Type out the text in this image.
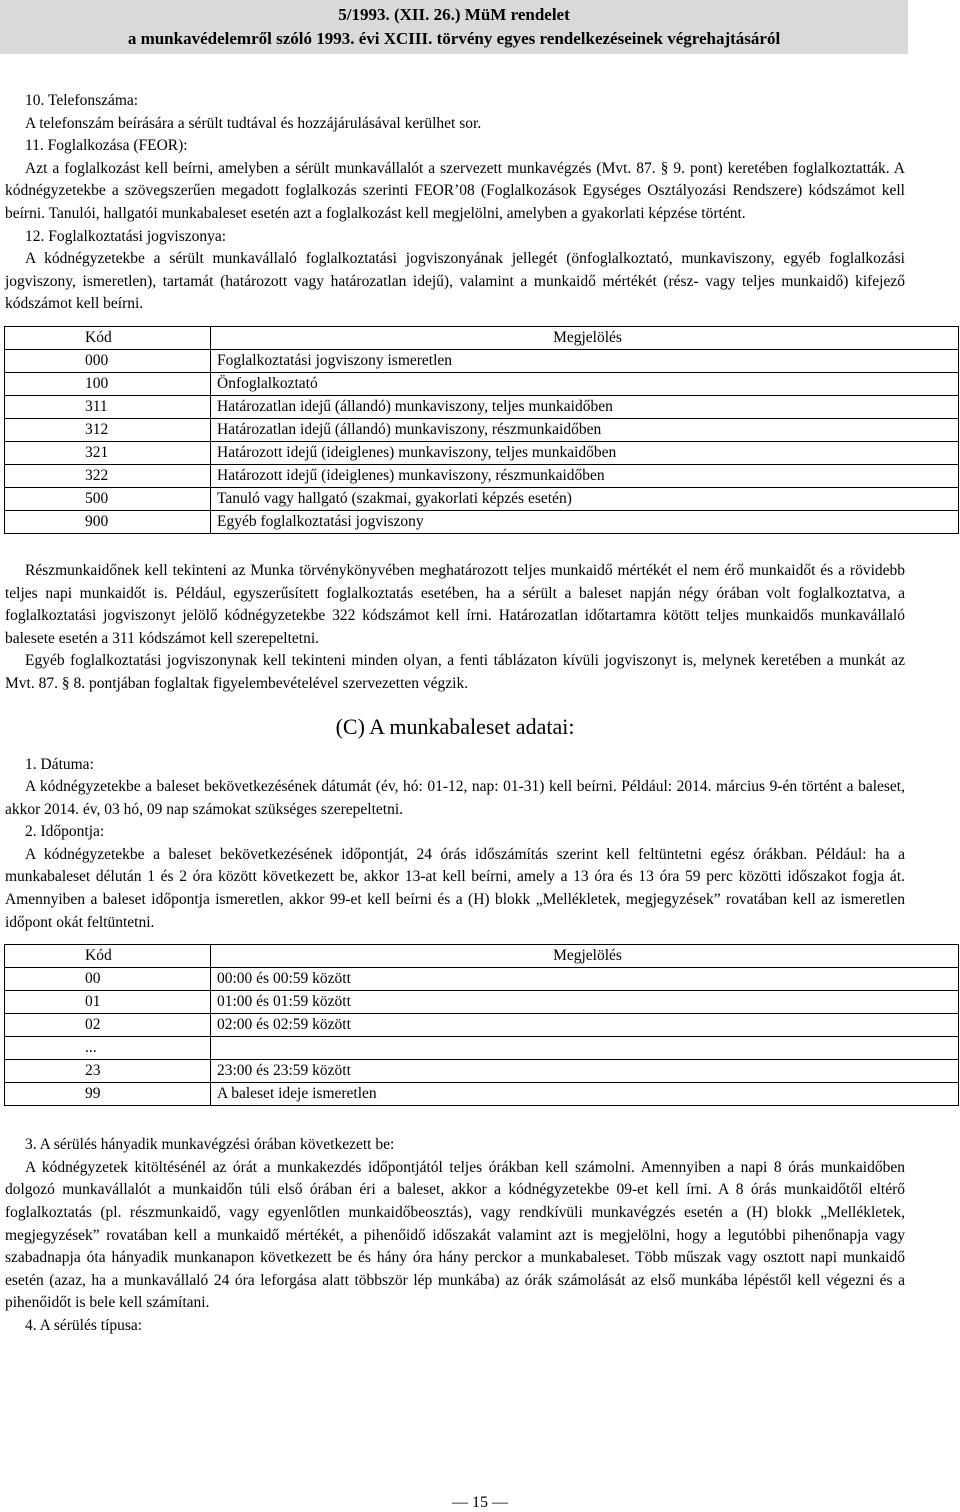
5/1993. (XII. 26.) MüM rendelet
a munkavédelemről szóló 1993. évi XCIII. törvény egyes rendelkezéseinek végrehajtásáról

10. Telefonszáma:

A telefonszám beírására a sérült tudtával és hozzájárulásával kerülhet sor.

11. Foglalkozása (FEOR):

Azt a foglalkozást kell beírni, amelyben a sérült munkavállalót a szervezett munkavégzés (Mvt. 87. § 9. pont) keretében foglalkoztatták. A kódnégyzetekbe a szövegszerűen megadott foglalkozás szerinti FEOR’08 (Foglalkozások Egységes Osztályozási Rendszere) kódszámot kell beírni. Tanulói, hallgatói munkabaleset esetén azt a foglalkozást kell megjelölni, amelyben a gyakorlati képzése történt.

12. Foglalkoztatási jogviszonya:

A kódnégyzetekbe a sérült munkavállaló foglalkoztatási jogviszonyának jellegét (önfoglalkoztató, munkaviszony, egyéb foglalkozási jogviszony, ismeretlen), tartamát (határozott vagy határozatlan idejű), valamint a munkaidő mértékét (rész- vagy teljes munkaidő) kifejező kódszámot kell beírni.

Kód	Megjelölés
000	Foglalkoztatási jogviszony ismeretlen
100	Önfoglalkoztató
311	Határozatlan idejű (állandó) munkaviszony, teljes munkaidőben
312	Határozatlan idejű (állandó) munkaviszony, részmunkaidőben
321	Határozott idejű (ideiglenes) munkaviszony, teljes munkaidőben
322	Határozott idejű (ideiglenes) munkaviszony, részmunkaidőben
500	Tanuló vagy hallgató (szakmai, gyakorlati képzés esetén)
900	Egyéb foglalkoztatási jogviszony

Részmunkaidőnek kell tekinteni az Munka törvénykönyvében meghatározott teljes munkaidő mértékét el nem érő munkaidőt és a rövidebb teljes napi munkaidőt is. Például, egyszerűsített foglalkoztatás esetében, ha a sérült a baleset napján négy órában volt foglalkoztatva, a foglalkoztatási jogviszonyt jelölő kódnégyzetekbe 322 kódszámot kell írni. Határozatlan időtartamra kötött teljes munkaidős munkavállaló balesete esetén a 311 kódszámot kell szerepeltetni.

Egyéb foglalkoztatási jogviszonynak kell tekinteni minden olyan, a fenti táblázaton kívüli jogviszonyt is, melynek keretében a munkát az Mvt. 87. § 8. pontjában foglaltak figyelembevételével szervezetten végzik.

(C) A munkabaleset adatai:

1. Dátuma:

A kódnégyzetekbe a baleset bekövetkezésének dátumát (év, hó: 01-12, nap: 01-31) kell beírni. Például: 2014. március 9-én történt a baleset, akkor 2014. év, 03 hó, 09 nap számokat szükséges szerepeltetni.

2. Időpontja:

A kódnégyzetekbe a baleset bekövetkezésének időpontját, 24 órás időszámítás szerint kell feltüntetni egész órákban. Például: ha a munkabaleset délután 1 és 2 óra között következett be, akkor 13-at kell beírni, amely a 13 óra és 13 óra 59 perc közötti időszakot fogja át. Amennyiben a baleset időpontja ismeretlen, akkor 99-et kell beírni és a (H) blokk „Mellékletek, megjegyzések” rovatában kell az ismeretlen időpont okát feltüntetni.

Kód	Megjelölés
00	00:00 és 00:59 között
01	01:00 és 01:59 között
02	02:00 és 02:59 között
...	
23	23:00 és 23:59 között
99	A baleset ideje ismeretlen

3. A sérülés hányadik munkavégzési órában következett be:

A kódnégyzetek kitöltésénél az órát a munkakezdés időpontjától teljes órákban kell számolni. Amennyiben a napi 8 órás munkaidőben dolgozó munkavállalót a munkaidőn túli első órában éri a baleset, akkor a kódnégyzetekbe 09-et kell írni. A 8 órás munkaidőtől eltérő foglalkoztatás (pl. részmunkaidő, vagy egyenlőtlen munkaidőbeosztás), vagy rendkívüli munkavégzés esetén a (H) blokk „Mellékletek, megjegyzések” rovatában kell a munkaidő mértékét, a pihenőidő időszakát valamint azt is megjelölni, hogy a legutóbbi pihenőnapja vagy szabadnapja óta hányadik munkanapon következett be és hány óra hány perckor a munkabaleset. Több műszak vagy osztott napi munkaidő esetén (azaz, ha a munkavállaló 24 óra leforgása alatt többször lép munkába) az órák számolását az első munkába lépéstől kell végezni és a pihenőidőt is bele kell számítani.

4. A sérülés típusa:

— 15 —
